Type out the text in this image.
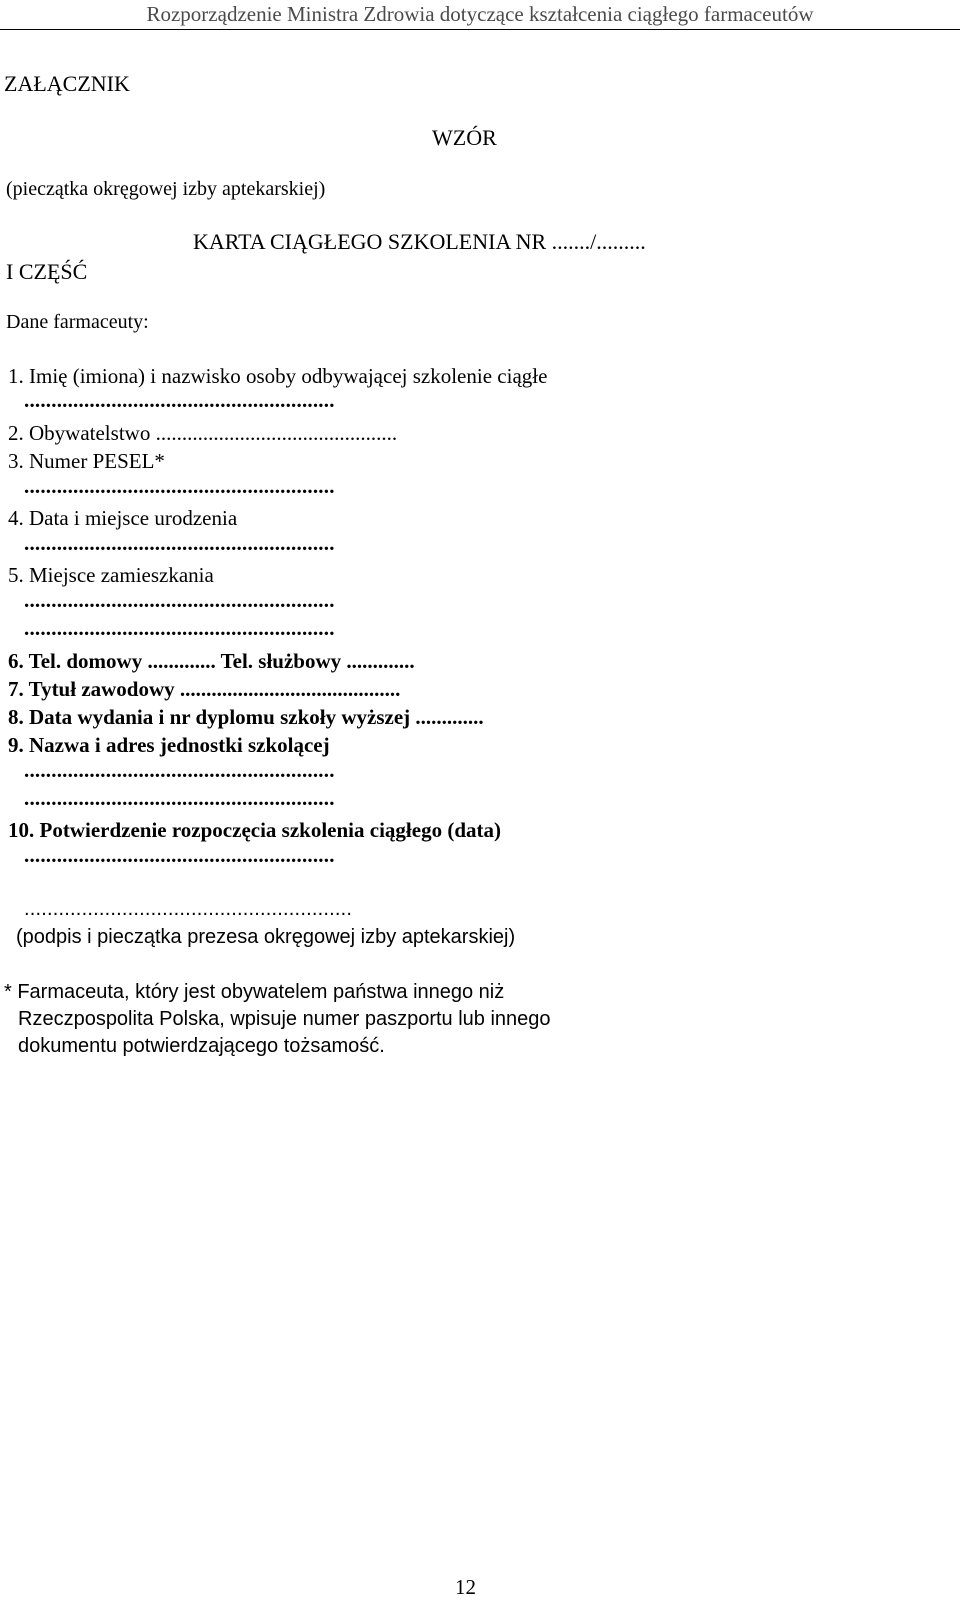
Rozporządzenie Ministra Zdrowia dotyczące kształcenia ciągłego farmaceutów
ZAŁĄCZNIK
WZÓR
(pieczątka okręgowej izby aptekarskiej)
KARTA CIĄGŁEGO SZKOLENIA NR ......./.........
I CZĘŚĆ
Dane farmaceuty:
1. Imię (imiona) i nazwisko osoby odbywającej szkolenie ciągłe
.........................................................
2. Obywatelstwo ..............................................
3. Numer PESEL*
.........................................................
4. Data i miejsce urodzenia
.........................................................
5. Miejsce zamieszkania
.........................................................
.........................................................
6. Tel. domowy ............. Tel. służbowy .............
7. Tytuł zawodowy ..........................................
8. Data wydania i nr dyplomu szkoły wyższej .............
9. Nazwa i adres jednostki szkolącej
.........................................................
.........................................................
10. Potwierdzenie rozpoczęcia szkolenia ciągłego (data)
.........................................................
.........................................................
(podpis i pieczątka prezesa okręgowej izby aptekarskiej)
* Farmaceuta, który jest obywatelem państwa innego niż
Rzeczpospolita Polska, wpisuje numer paszportu lub innego
dokumentu potwierdzającego tożsamość.
12
